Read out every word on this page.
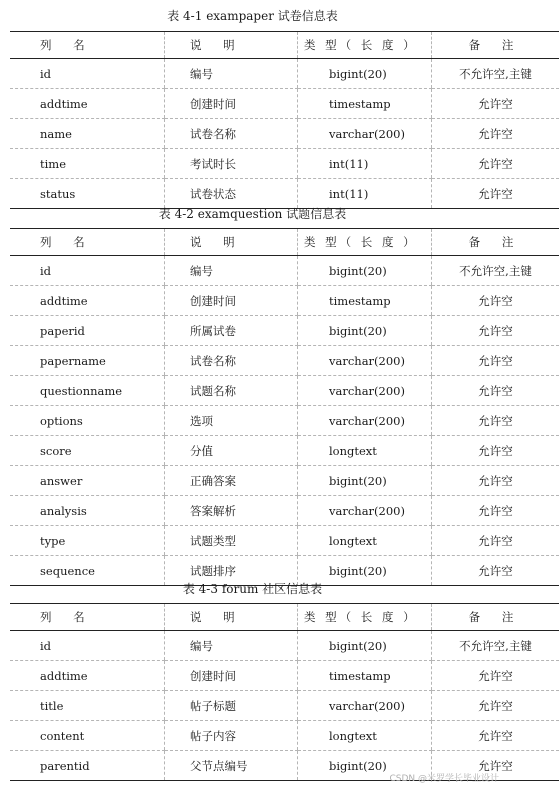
表 4-1 exampaper 试卷信息表
列 名	说 明	类 型（ 长 度 ）	备 注
id	编号	bigint(20)	不允许空,主键
addtime	创建时间	timestamp	允许空
name	试卷名称	varchar(200)	允许空
time	考试时长	int(11)	允许空
status	试卷状态	int(11)	允许空
表 4-2 examquestion 试题信息表
列 名	说 明	类 型（ 长 度 ）	备 注
id	编号	bigint(20)	不允许空,主键
addtime	创建时间	timestamp	允许空
paperid	所属试卷	bigint(20)	允许空
papername	试卷名称	varchar(200)	允许空
questionname	试题名称	varchar(200)	允许空
options	选项	varchar(200)	允许空
score	分值	longtext	允许空
answer	正确答案	bigint(20)	允许空
analysis	答案解析	varchar(200)	允许空
type	试题类型	longtext	允许空
sequence	试题排序	bigint(20)	允许空
表 4-3 forum 社区信息表
列 名	说 明	类 型（ 长 度 ）	备 注
id	编号	bigint(20)	不允许空,主键
addtime	创建时间	timestamp	允许空
title	帖子标题	varchar(200)	允许空
content	帖子内容	longtext	允许空
parentid	父节点编号	bigint(20)	允许空
CSDN @米罗学长毕业设计
